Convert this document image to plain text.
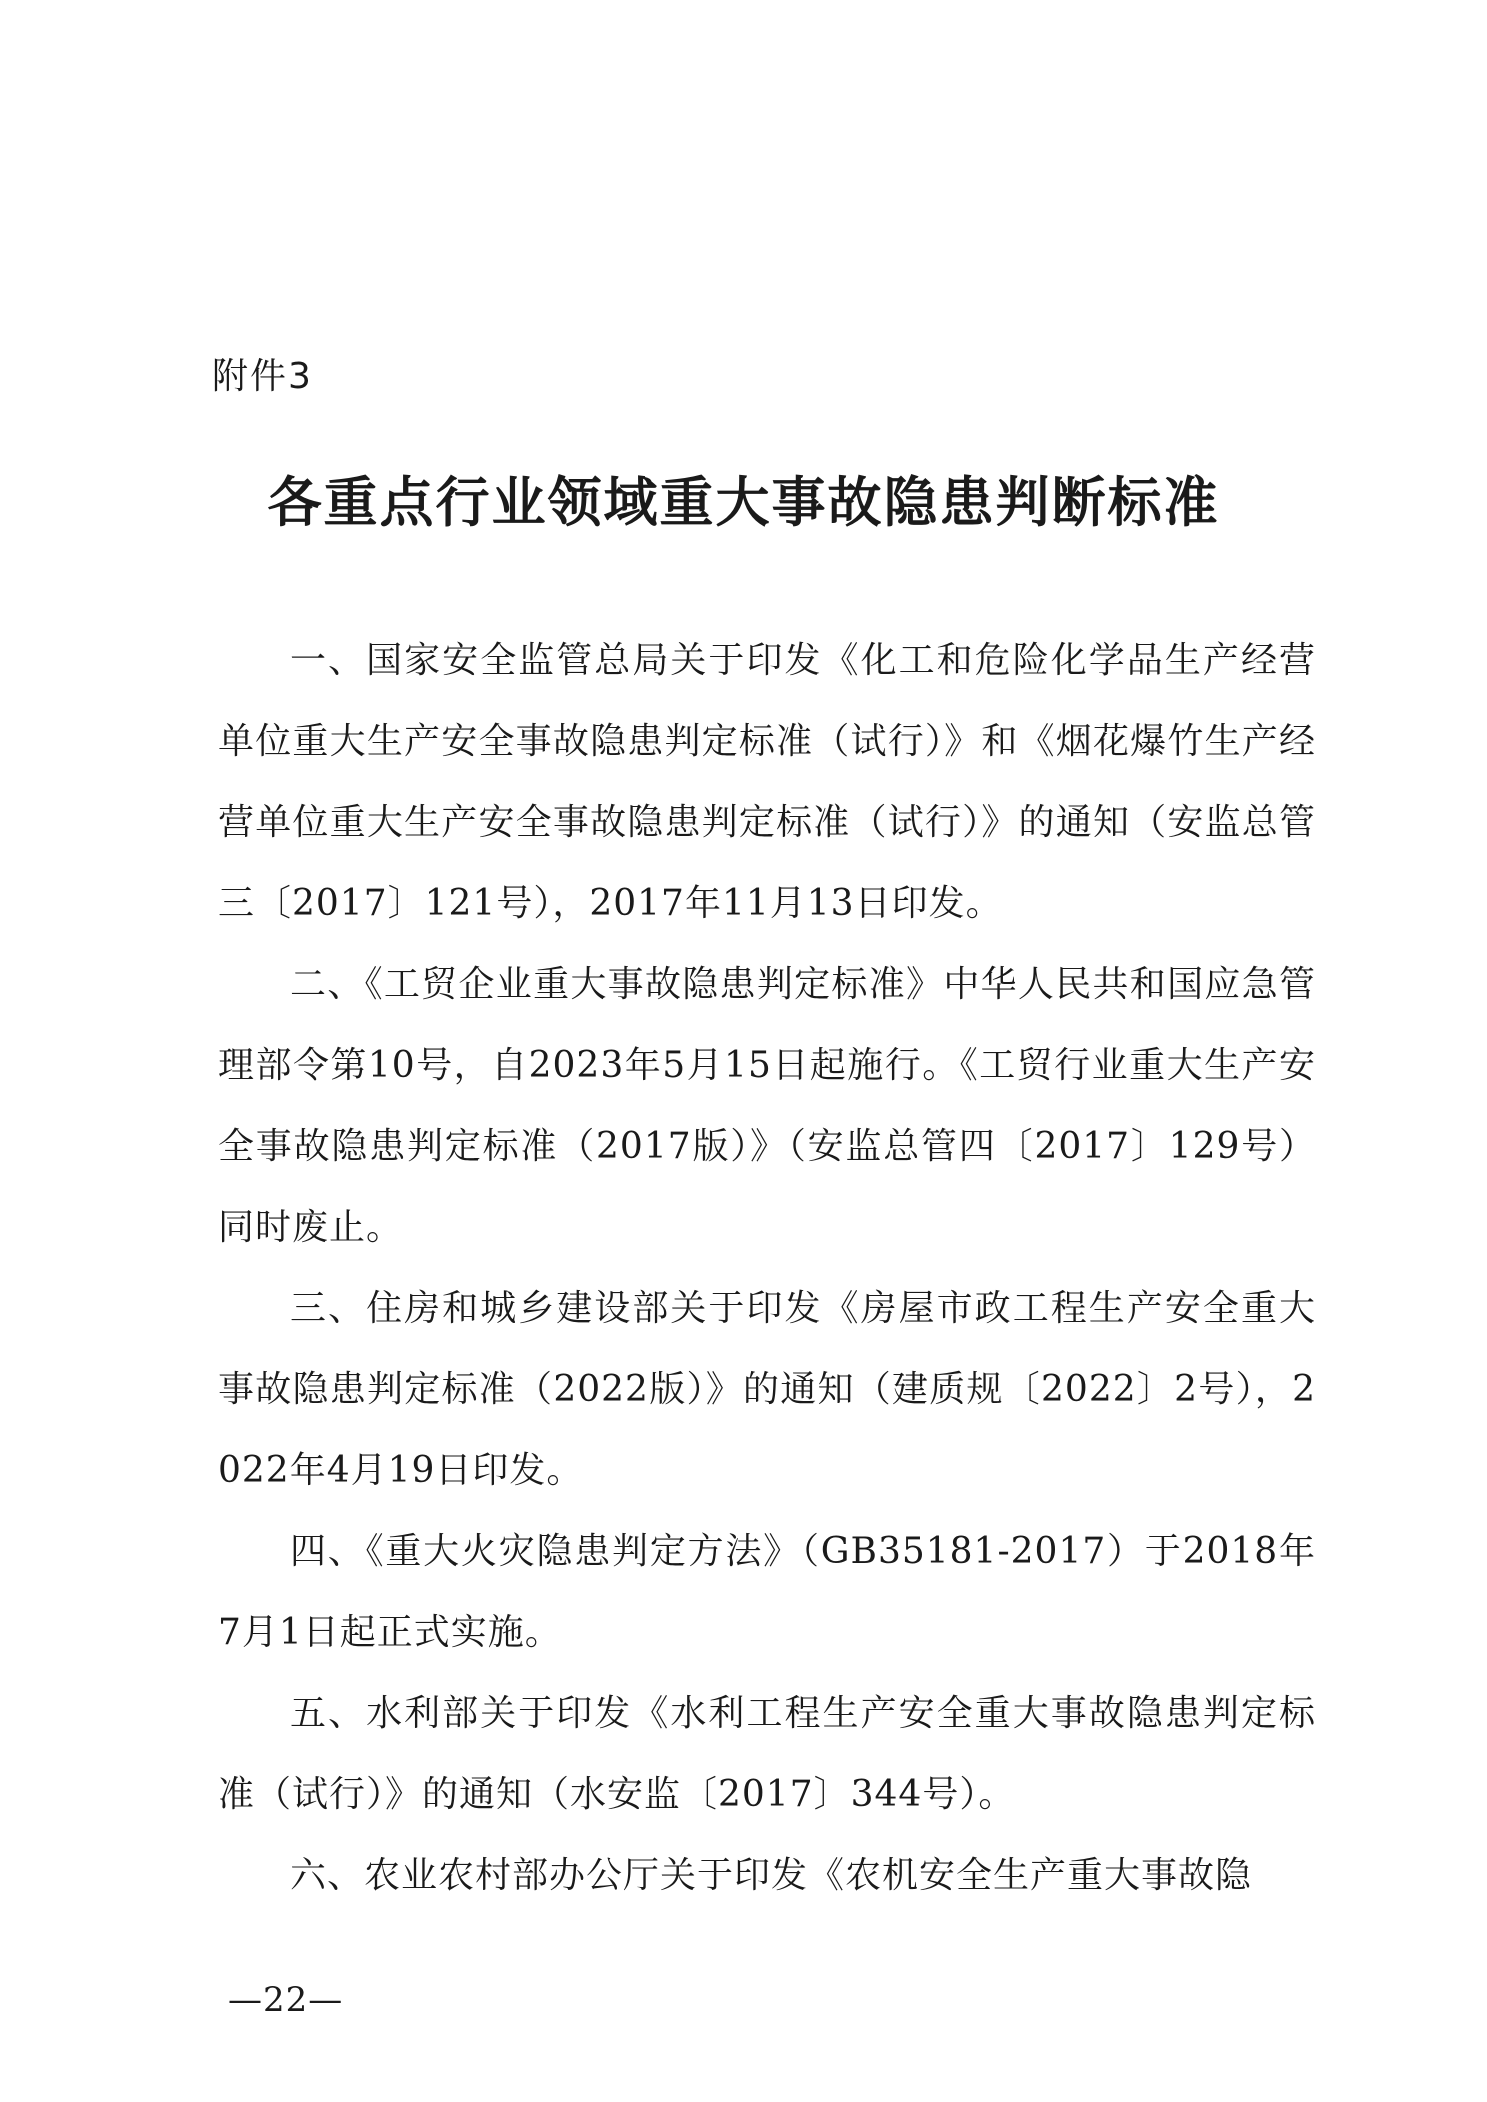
附件3
各重点行业领域重大事故隐患判断标准

一、国家安全监管总局关于印发《化工和危险化学品生产经营单位重大生产安全事故隐患判定标准（试行）》和《烟花爆竹生产经营单位重大生产安全事故隐患判定标准（试行）》的通知（安监总管三〔2017〕121号），2017年11月13日印发。

二、《工贸企业重大事故隐患判定标准》中华人民共和国应急管理部令第10号，自2023年5月15日起施行。《工贸行业重大生产安全事故隐患判定标准（2017版）》（安监总管四〔2017〕129号）同时废止。

三、住房和城乡建设部关于印发《房屋市政工程生产安全重大事故隐患判定标准（2022版）》的通知（建质规〔2022〕2号），2022年4月19日印发。

四、《重大火灾隐患判定方法》（GB35181-2017）于2018年7月1日起正式实施。

五、水利部关于印发《水利工程生产安全重大事故隐患判定标准（试行）》的通知（水安监〔2017〕344号）。

六、农业农村部办公厅关于印发《农机安全生产重大事故隐

—22—
